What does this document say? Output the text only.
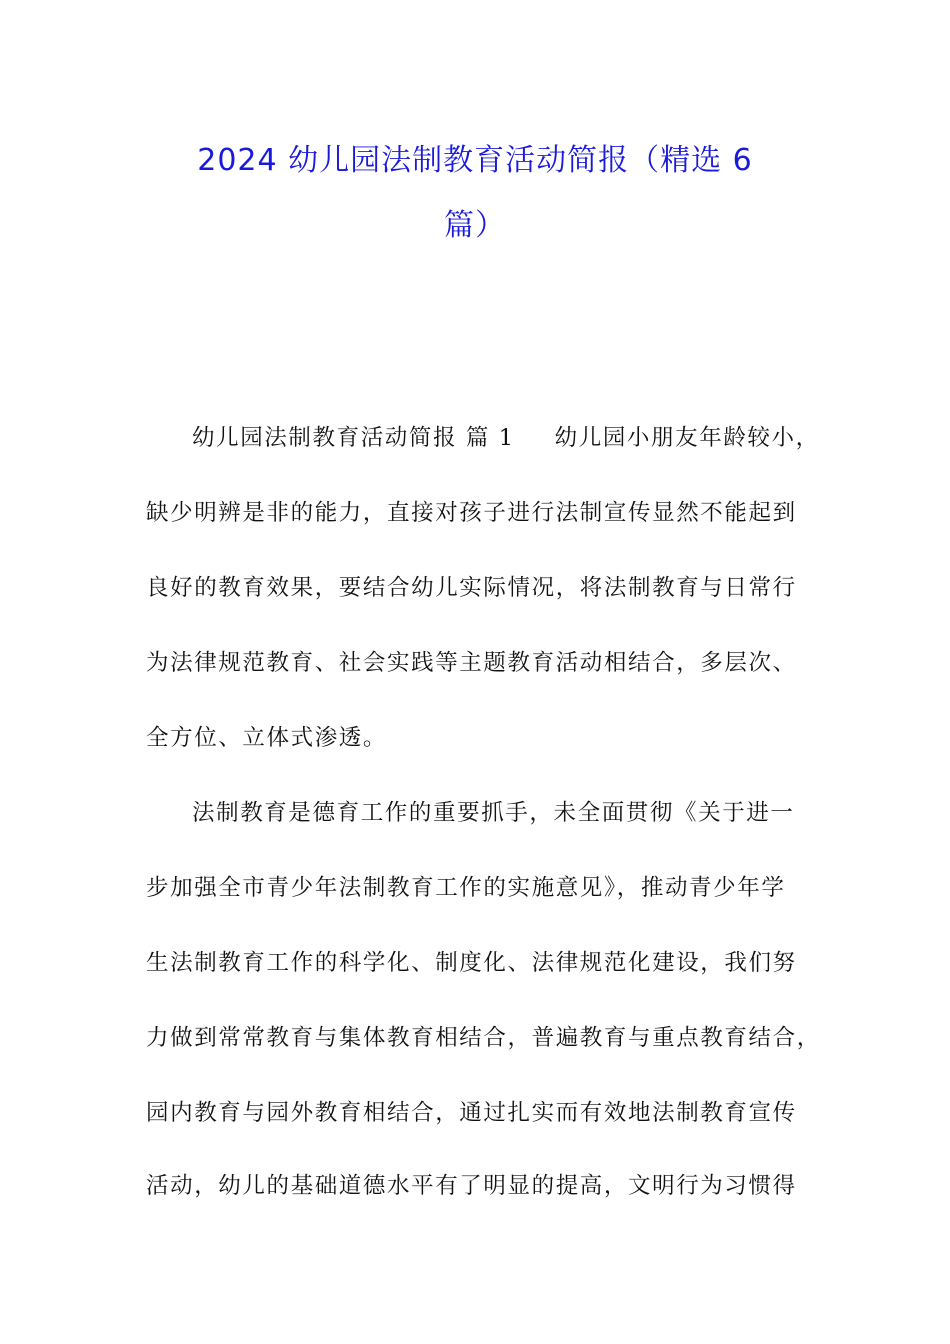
2024 幼儿园法制教育活动简报（精选 6
篇）
幼儿园法制教育活动简报 篇 1 幼儿园小朋友年龄较小，
缺少明辨是非的能力，直接对孩子进行法制宣传显然不能起到
良好的教育效果，要结合幼儿实际情况，将法制教育与日常行
为法律规范教育、社会实践等主题教育活动相结合，多层次、
全方位、立体式渗透。
法制教育是德育工作的重要抓手，未全面贯彻《关于进一
步加强全市青少年法制教育工作的实施意见》，推动青少年学
生法制教育工作的科学化、制度化、法律规范化建设，我们努
力做到常常教育与集体教育相结合，普遍教育与重点教育结合，
园内教育与园外教育相结合，通过扎实而有效地法制教育宣传
活动，幼儿的基础道德水平有了明显的提高，文明行为习惯得
